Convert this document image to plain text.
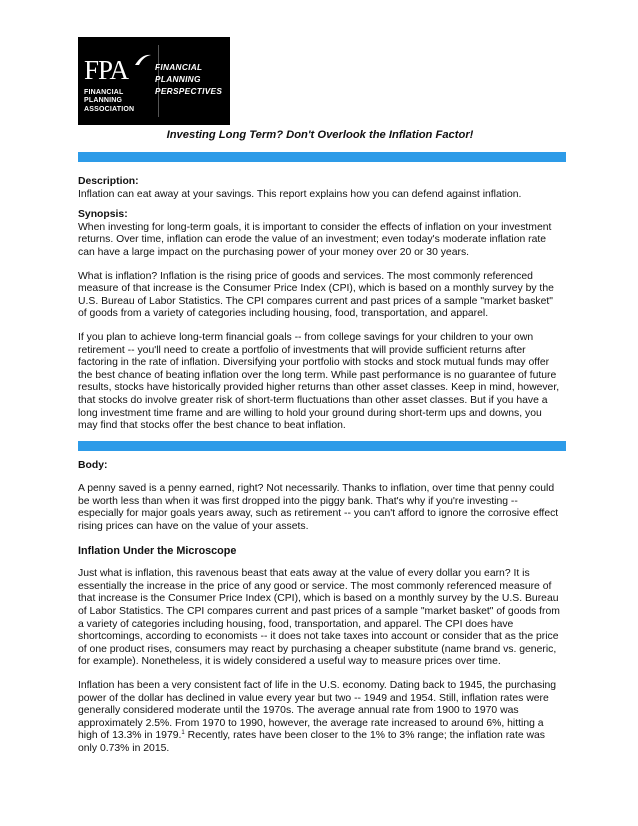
FPA
FINANCIAL
PLANNING
ASSOCIATION
FINANCIAL
PLANNING
PERSPECTIVES
Investing Long Term? Don't Overlook the Inflation Factor!

Description:

Inflation can eat away at your savings. This report explains how you can defend against inflation.

Synopsis:

When investing for long-term goals, it is important to consider the effects of inflation on your investment returns. Over time, inflation can erode the value of an investment; even today's moderate inflation rate can have a large impact on the purchasing power of your money over 20 or 30 years.

What is inflation? Inflation is the rising price of goods and services. The most commonly referenced measure of that increase is the Consumer Price Index (CPI), which is based on a monthly survey by the U.S. Bureau of Labor Statistics. The CPI compares current and past prices of a sample "market basket" of goods from a variety of categories including housing, food, transportation, and apparel.

If you plan to achieve long-term financial goals -- from college savings for your children to your own retirement -- you'll need to create a portfolio of investments that will provide sufficient returns after factoring in the rate of inflation. Diversifying your portfolio with stocks and stock mutual funds may offer the best chance of beating inflation over the long term. While past performance is no guarantee of future results, stocks have historically provided higher returns than other asset classes. Keep in mind, however, that stocks do involve greater risk of short-term fluctuations than other asset classes. But if you have a long investment time frame and are willing to hold your ground during short-term ups and downs, you may find that stocks offer the best chance to beat inflation.

Body:

A penny saved is a penny earned, right? Not necessarily. Thanks to inflation, over time that penny could be worth less than when it was first dropped into the piggy bank. That's why if you're investing -- especially for major goals years away, such as retirement -- you can't afford to ignore the corrosive effect rising prices can have on the value of your assets.

Inflation Under the Microscope

Just what is inflation, this ravenous beast that eats away at the value of every dollar you earn? It is essentially the increase in the price of any good or service. The most commonly referenced measure of that increase is the Consumer Price Index (CPI), which is based on a monthly survey by the U.S. Bureau of Labor Statistics. The CPI compares current and past prices of a sample "market basket" of goods from a variety of categories including housing, food, transportation, and apparel. The CPI does have shortcomings, according to economists -- it does not take taxes into account or consider that as the price of one product rises, consumers may react by purchasing a cheaper substitute (name brand vs. generic, for example). Nonetheless, it is widely considered a useful way to measure prices over time.

Inflation has been a very consistent fact of life in the U.S. economy. Dating back to 1945, the purchasing power of the dollar has declined in value every year but two -- 1949 and 1954. Still, inflation rates were generally considered moderate until the 1970s. The average annual rate from 1900 to 1970 was approximately 2.5%. From 1970 to 1990, however, the average rate increased to around 6%, hitting a high of 13.3% in 1979.$^1$ Recently, rates have been closer to the 1% to 3% range; the inflation rate was only 0.73% in 2015.
